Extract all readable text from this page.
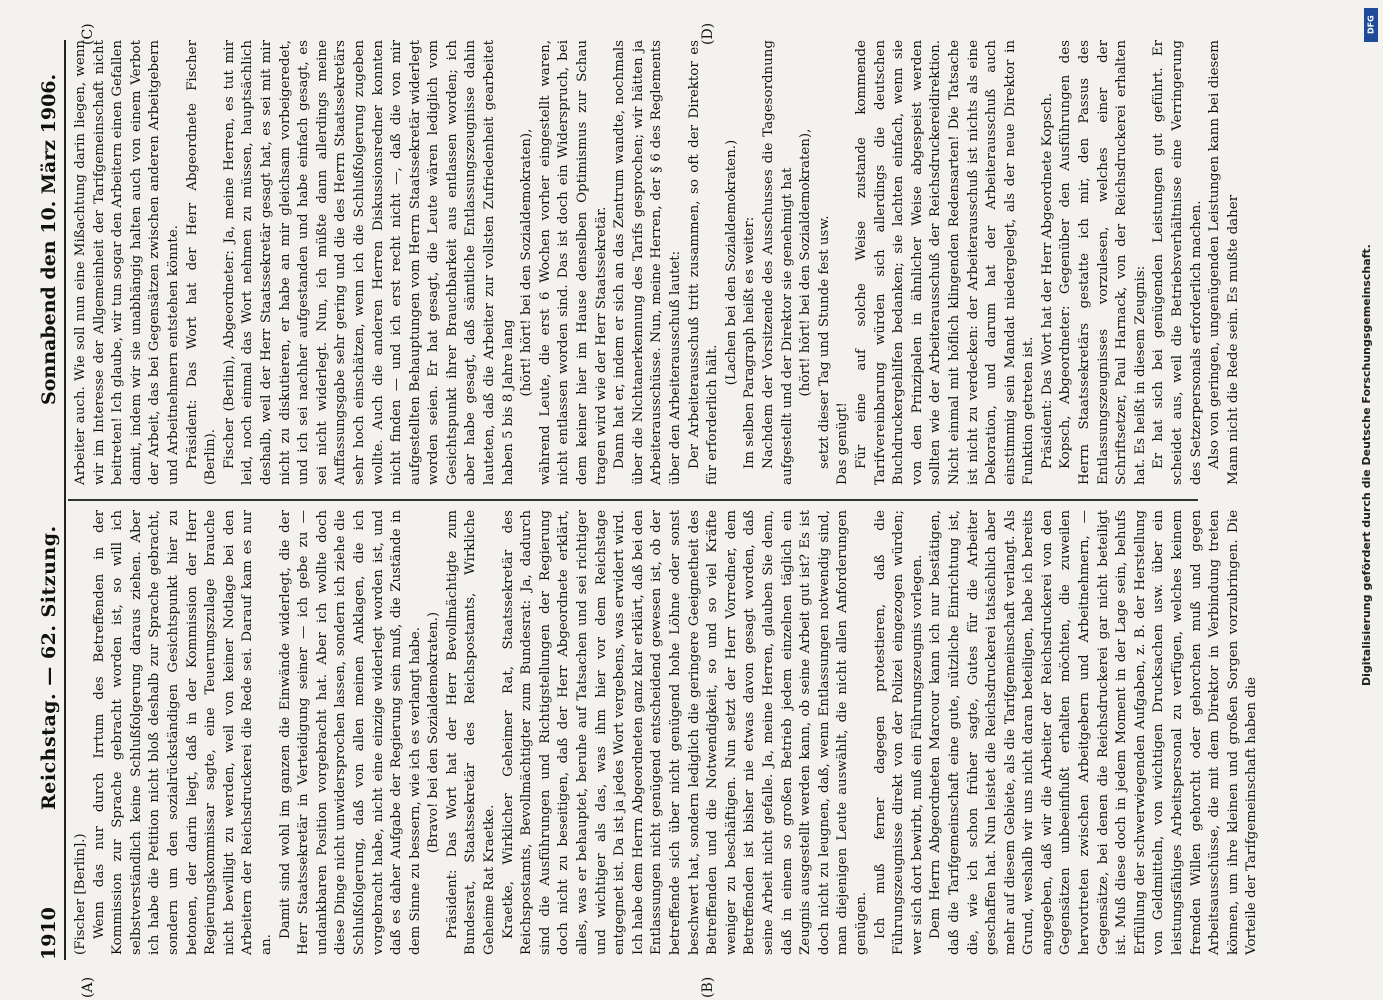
1910
Reichstag. — 62. Sitzung.
Sonnabend den 10. März 1906.
(A)	(B)
(C)	(D)

(Fischer [Berlin].) Wenn das nur durch Irrtum des Betreffenden in der Kommission zur Sprache gebracht worden ist, so will ich selbstverständlich keine Schlußfolgerung daraus ziehen. Aber ich habe die Petition nicht bloß deshalb zur Sprache gebracht, sondern um den sozialrückständigen Gesichtspunkt hier zu betonen, der darin liegt, daß in der Kommission der Herr Regierungskommissar sagte, eine Teuerungszulage brauche nicht bewilligt zu werden, weil von keiner Notlage bei den Arbeitern der Reichsdruckerei die Rede sei. Darauf kam es nur an.

Damit sind wohl im ganzen die Einwände widerlegt, die der Herr Staatssekretär in Verteidigung seiner — ich gebe zu — undankbaren Position vorgebracht hat. Aber ich wollte doch diese Dinge nicht unwidersprochen lassen, sondern ich ziehe die Schlußfolgerung, daß von allen meinen Anklagen, die ich vorgebracht habe, nicht eine einzige widerlegt worden ist, und daß es daher Aufgabe der Regierung sein muß, die Zustände in dem Sinne zu bessern, wie ich es verlangt habe. (Bravo! bei den Sozialdemokraten.) Präsident: Das Wort hat der Herr Bevollmächtigte zum Bundesrat, Staatssekretär des Reichspostamts, Wirkliche Geheime Rat Kraetke. Kraetke, Wirklicher Geheimer Rat, Staatssekretär des Reichspostamts, Bevollmächtigter zum Bundesrat: Ja, dadurch sind die Ausführungen und Richtigstellungen der Regierung doch nicht zu beseitigen, daß der Herr Abgeordnete erklärt, alles, was er behauptet, beruhe auf Tatsachen und sei richtiger und wichtiger als das, was ihm hier vor dem Reichstage entgegnet ist. Da ist ja jedes Wort vergebens, was erwidert wird. Ich habe dem Herrn Abgeordneten ganz klar erklärt, daß bei den Entlassungen nicht genügend entscheidend gewesen ist, ob der betreffende sich über nicht genügend hohe Löhne oder sonst beschwert hat, sondern lediglich die geringere Geeignetheit des Betreffenden und die Notwendigkeit, so und so viel Kräfte weniger zu beschäftigen. Nun setzt der Herr Vorredner, dem Betreffenden ist bisher nie etwas davon gesagt worden, daß seine Arbeit nicht gefalle. Ja, meine Herren, glauben Sie denn, daß in einem so großen Betrieb jedem einzelnen täglich ein Zeugnis ausgestellt werden kann, ob seine Arbeit gut ist? Es ist doch nicht zu leugnen, daß, wenn Entlassungen notwendig sind, man diejenigen Leute auswählt, die nicht allen Anforderungen genügen. Ich muß ferner dagegen protestieren, daß die Führungszeugnisse direkt von der Polizei eingezogen würden; wer sich dort bewirbt, muß ein Führungszeugnis vorlegen. Dem Herrn Abgeordneten Marcour kann ich nur bestätigen, daß die Tarifgemeinschaft eine gute, nützliche Einrichtung ist, die, wie ich schon früher sagte, Gutes für die Arbeiter geschaffen hat. Nun leistet die Reichsdruckerei tatsächlich aber mehr auf diesem Gebiete, als die Tarifgemeinschaft verlangt. Als Grund, weshalb wir uns nicht daran beteiligen, habe ich bereits angegeben, daß wir die Arbeiter der Reichsdruckerei von den Gegensätzen unbeeinflußt erhalten möchten, die zuweilen hervortreten zwischen Arbeitgebern und Arbeitnehmern, — Gegensätze, bei denen die Reichsdruckerei gar nicht beteiligt ist. Muß diese doch in jedem Moment in der Lage sein, behufs Erfüllung der schwerwiegenden Aufgaben, z. B. der Herstellung von Geldmitteln, von wichtigen Drucksachen usw. über ein leistungsfähiges Arbeitspersonal zu verfügen, welches keinem fremden Willen gehorcht oder gehorchen muß und gegen Arbeitsausschüsse, die mit dem Direktor in Verbindung treten können, um ihre kleinen und großen Sorgen vorzubringen. Die Vorteile der Tarifgemeinschaft haben die

Arbeiter auch. Wie soll nun eine Mißachtung darin liegen, wenn wir im Interesse der Allgemeinheit der Tarifgemeinschaft nicht beitreten! Ich glaube, wir tun sogar den Arbeitern einen Gefallen damit, indem wir sie unabhängig halten auch von einem Verbot der Arbeit, das bei Gegensätzen zwischen anderen Arbeitgebern und Arbeitnehmern entstehen könnte. Präsident: Das Wort hat der Herr Abgeordnete Fischer (Berlin). Fischer (Berlin), Abgeordneter: Ja, meine Herren, es tut mir leid, noch einmal das Wort nehmen zu müssen, hauptsächlich deshalb, weil der Herr Staatssekretär gesagt hat, es sei mit mir nicht zu diskutieren, er habe an mir gleichsam vorbeigeredet, und ich sei nachher aufgestanden und habe einfach gesagt, es sei nicht widerlegt. Nun, ich müßte dann allerdings meine Auffassungsgabe sehr gering und die des Herrn Staatssekretärs sehr hoch einschätzen, wenn ich die Schlußfolgerung zugeben wollte. Auch die anderen Herren Diskussionsredner konnten nicht finden — und ich erst recht nicht —, daß die von mir aufgestellten Behauptungen vom Herrn Staatssekretär widerlegt worden seien. Er hat gesagt, die Leute wären lediglich vom Gesichtspunkt ihrer Brauchbarkeit aus entlassen worden; ich aber habe gesagt, daß sämtliche Entlassungszeugnisse dahin lauteten, daß die Arbeiter zur vollsten Zufriedenheit gearbeitet haben 5 bis 8 Jahre lang

(hört! hört! bei den Sozialdemokraten), während Leute, die erst 6 Wochen vorher eingestellt waren, nicht entlassen worden sind. Das ist doch ein Widerspruch, bei dem keiner hier im Hause denselben Optimismus zur Schau tragen wird wie der Herr Staatssekretär. Dann hat er, indem er sich an das Zentrum wandte, nochmals über die Nichtanerkennung des Tarifs gesprochen; wir hätten ja Arbeiterausschüsse. Nun, meine Herren, der § 6 des Reglements über den Arbeiterausschuß lautet: Der Arbeiterausschuß tritt zusammen, so oft der Direktor es für erforderlich hält.

(Lachen bei den Sozialdemokraten.) Im selben Paragraph heißt es weiter: Nachdem der Vorsitzende des Ausschusses die Tagesordnung aufgestellt und der Direktor sie genehmigt hat (hört! hört! bei den Sozialdemokraten), setzt dieser Tag und Stunde fest usw. Das genügt! Für eine auf solche Weise zustande kommende Tarifvereinbarung würden sich allerdings die deutschen Buchdruckergehilfen bedanken; sie lachten einfach, wenn sie von den Prinzipalen in ähnlicher Weise abgespeist werden sollten wie der Arbeiterausschuß der Reichsdruckereidirektion. Nicht einmal mit höflich klingenden Redensarten! Die Tatsache ist nicht zu verdecken: der Arbeiterausschuß ist nichts als eine Dekoration, und darum hat der Arbeiterausschuß auch einstimmig sein Mandat niedergelegt, als der neue Direktor in Funktion getreten ist. Präsident: Das Wort hat der Herr Abgeordnete Kopsch. Kopsch, Abgeordneter: Gegenüber den Ausführungen des Herrn Staatssekretärs gestatte ich mir, den Passus des Entlassungszeugnisses vorzulesen, welches einer der Schriftsetzer, Paul Harnack, von der Reichsdruckerei erhalten hat. Es heißt in diesem Zeugnis: Er hat sich bei genügenden Leistungen gut geführt. Er scheidet aus, weil die Betriebsverhältnisse eine Verringerung des Setzerpersonals erforderlich machen. Also von geringen, ungenügenden Leistungen kann bei diesem Mann nicht die Rede sein. Es mußte daher

DFG
Digitalisierung gefördert durch die Deutsche Forschungsgemeinschaft.
